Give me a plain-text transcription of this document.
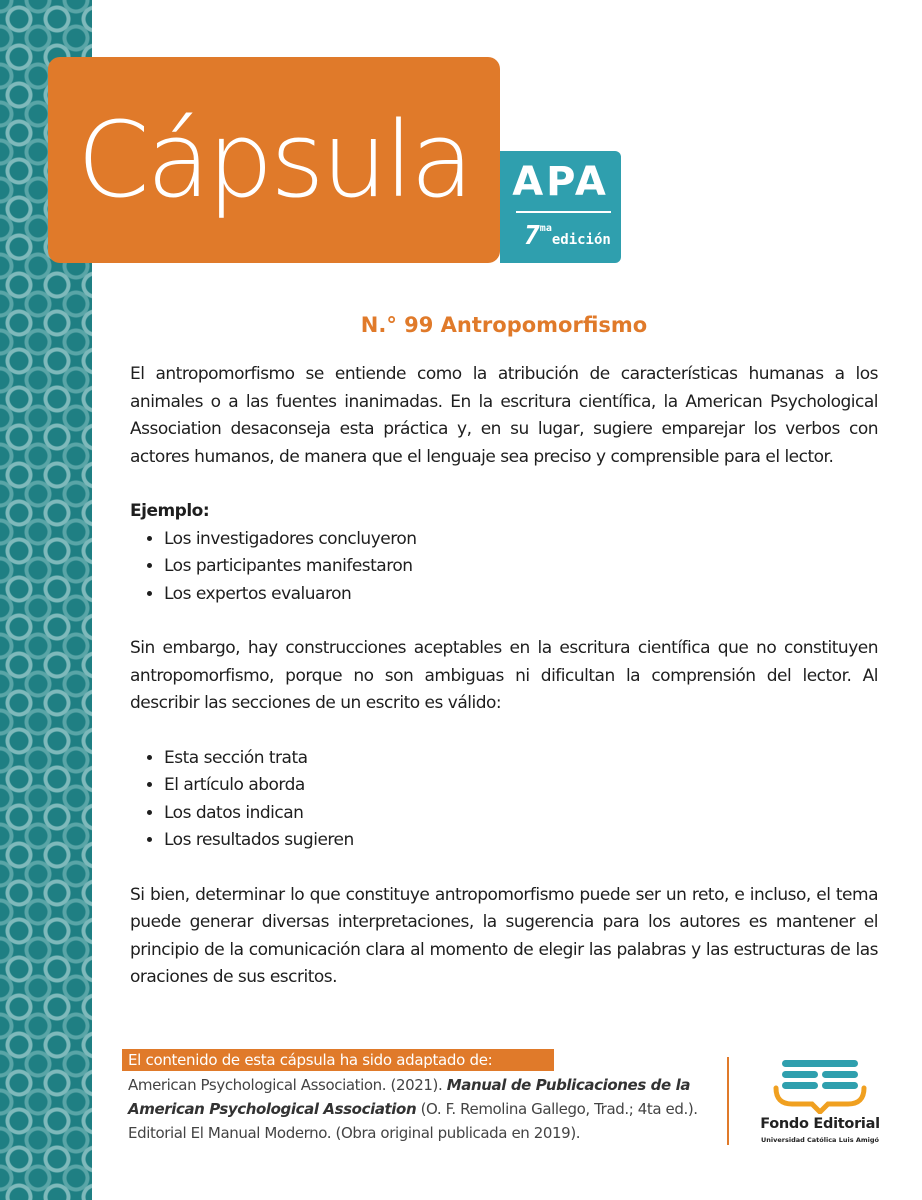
Cápsula	APA
$7^{ma}edición$
N.° 99 Antropomorfismo

El antropomorfismo se entiende como la atribución de características humanas a los animales o a las fuentes inanimadas. En la escritura científica, la American Psychological Association desaconseja esta práctica y, en su lugar, sugiere emparejar los verbos con actores humanos, de manera que el lenguaje sea preciso y comprensible para el lector.

Ejemplo:
• Los investigadores concluyeron
• Los participantes manifestaron
• Los expertos evaluaron

Sin embargo, hay construcciones aceptables en la escritura científica que no constituyen antropomorfismo, porque no son ambiguas ni dificultan la comprensión del lector. Al describir las secciones de un escrito es válido:

• Esta sección trata
• El artículo aborda
• Los datos indican
• Los resultados sugieren

Si bien, determinar lo que constituye antropomorfismo puede ser un reto, e incluso, el tema puede generar diversas interpretaciones, la sugerencia para los autores es mantener el principio de la comunicación clara al momento de elegir las palabras y las estructuras de las oraciones de sus escritos.

El contenido de esta cápsula ha sido adaptado de:
American Psychological Association. (2021). Manual de Publicaciones de la American Psychological Association (O. F. Remolina Gallego, Trad.; 4ta ed.). Editorial El Manual Moderno. (Obra original publicada en 2019).	Fondo Editorial
Universidad Católica Luis Amigó
